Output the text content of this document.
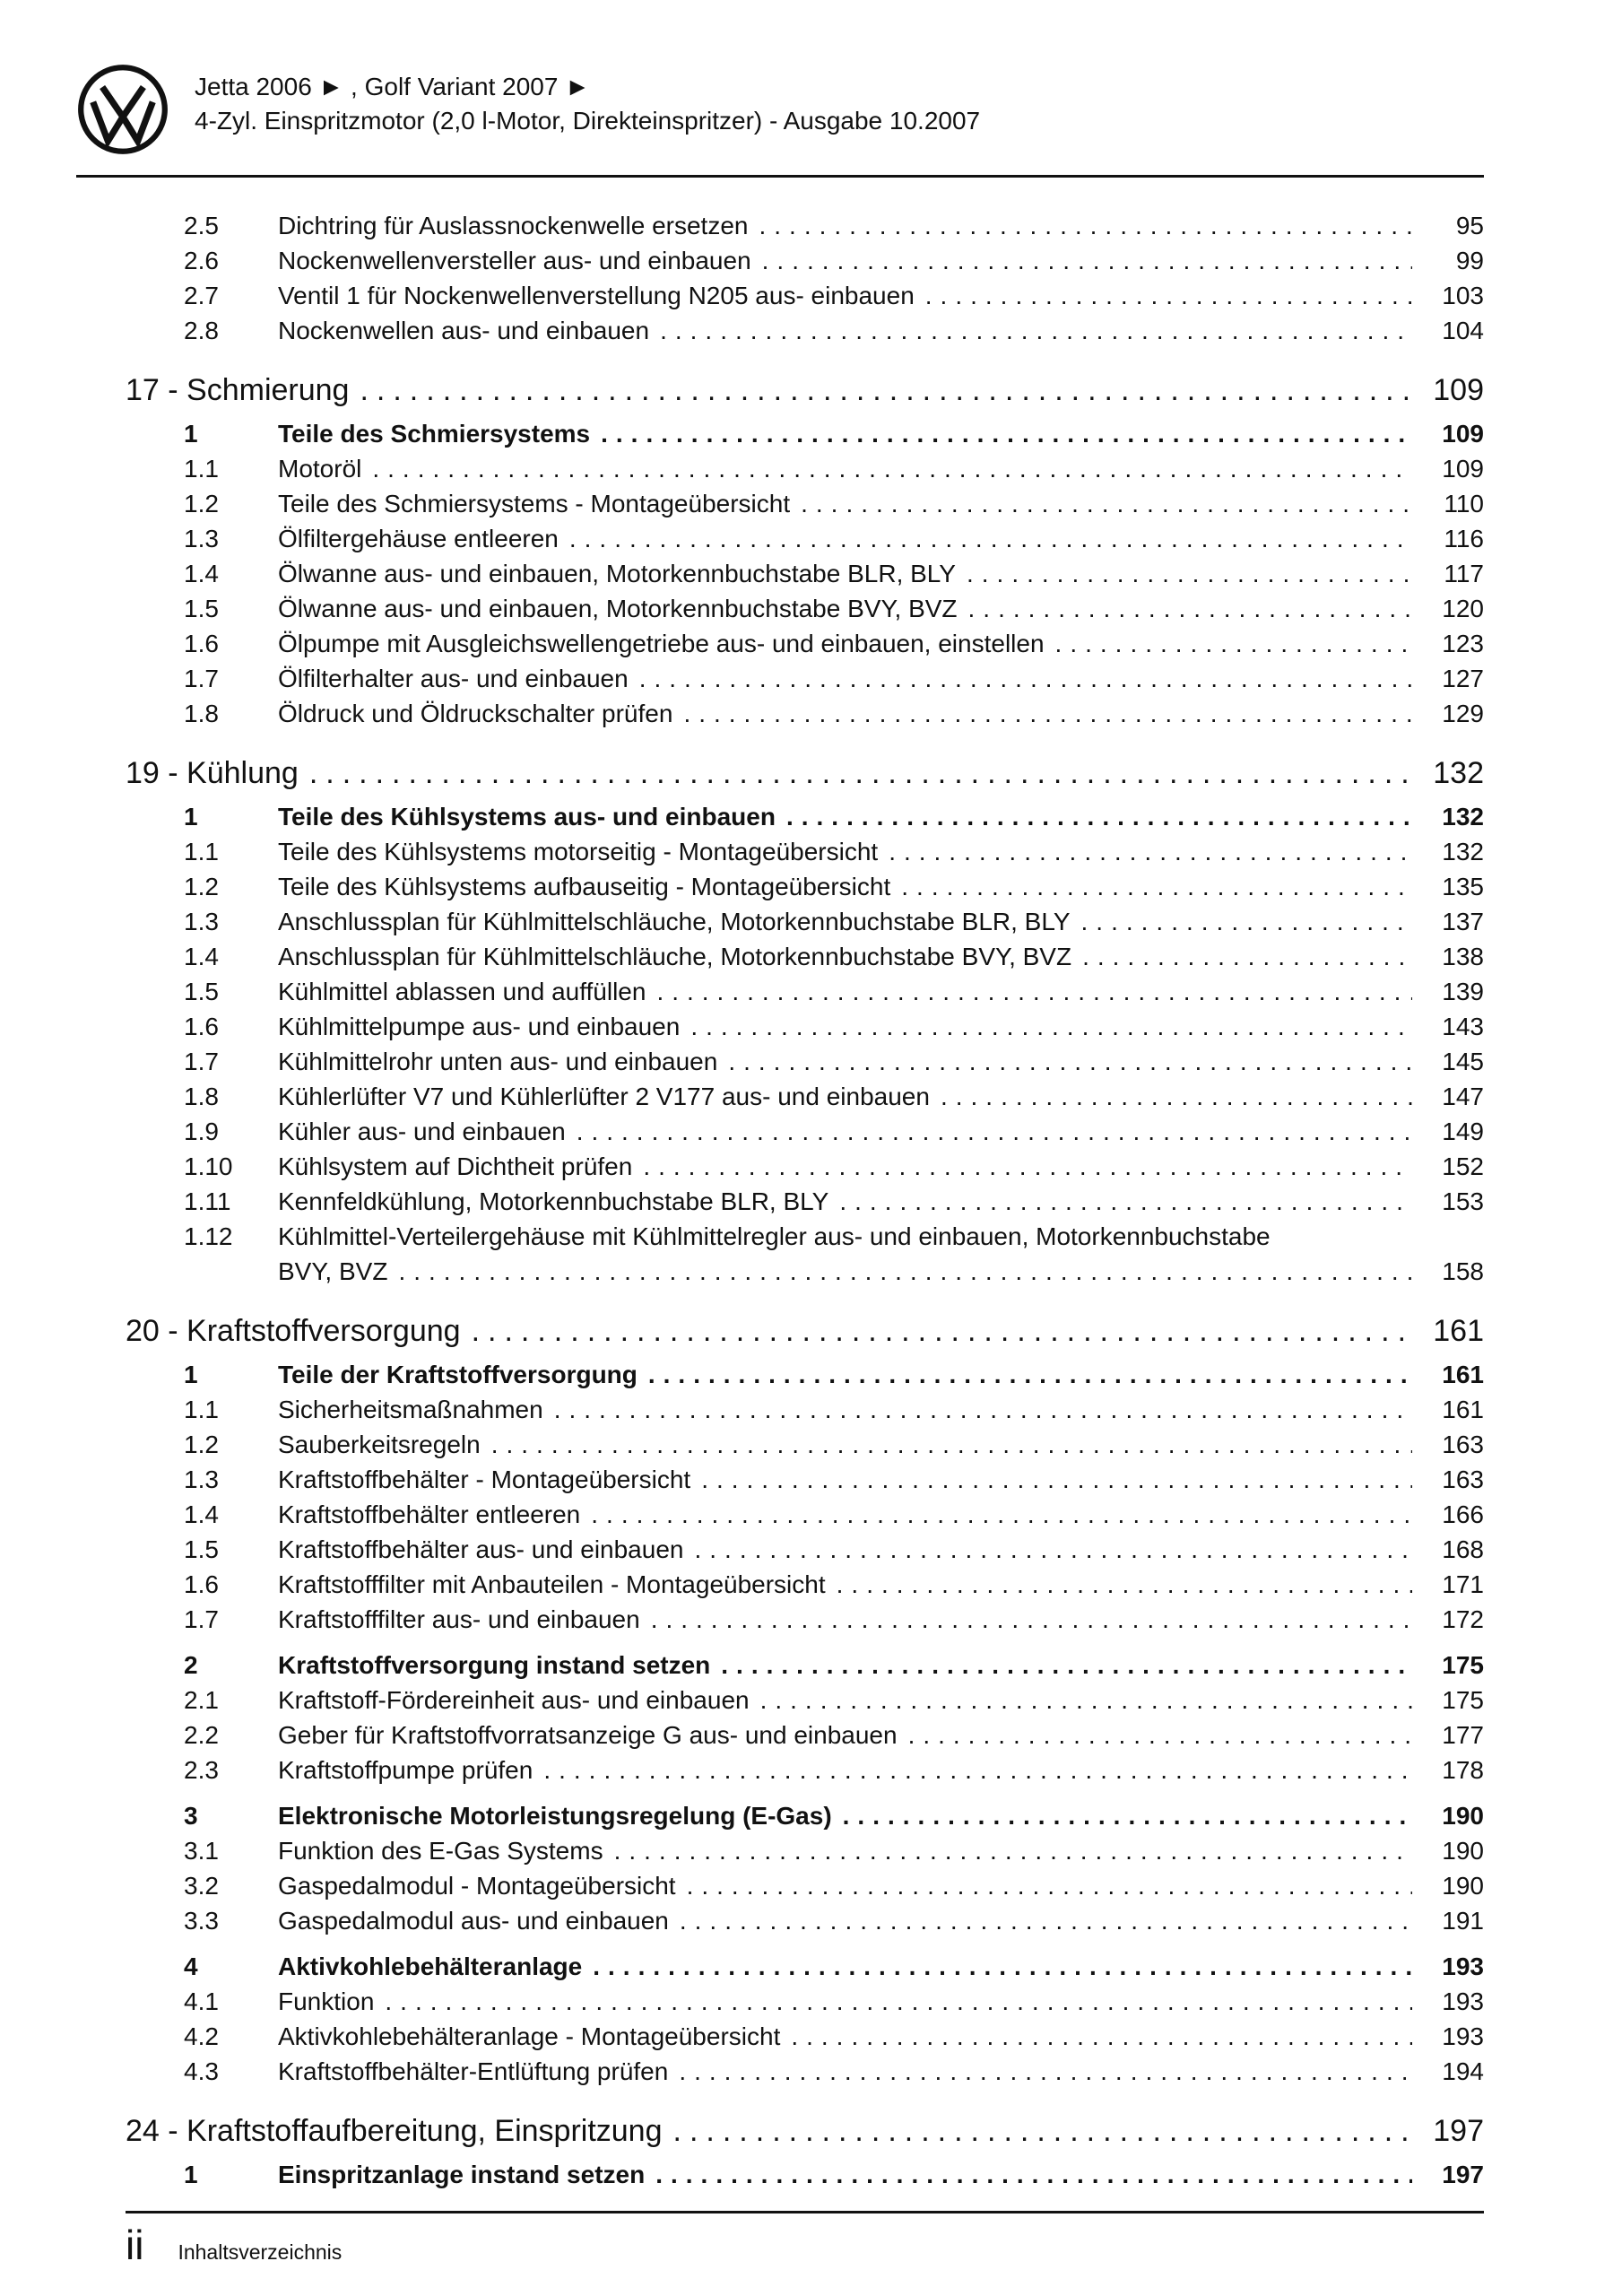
Jetta 2006 ► , Golf Variant 2007 ►
4-Zyl. Einspritzmotor (2,0 l-Motor, Direkteinspritzer) - Ausgabe 10.2007
2.5	Dichtring für Auslassnockenwelle ersetzen .....	95
2.6	Nockenwellenversteller aus- und einbauen .....	99
2.7	Ventil 1 für Nockenwellenverstellung N205 aus- einbauen .....	103
2.8	Nockenwellen aus- und einbauen .....	104
17 - Schmierung .....	109
1	Teile des Schmiersystems .....	109
1.1	Motoröl .....	109
1.2	Teile des Schmiersystems - Montageübersicht .....	110
1.3	Ölfiltergehäuse entleeren .....	116
1.4	Ölwanne aus- und einbauen, Motorkennbuchstabe BLR, BLY .....	117
1.5	Ölwanne aus- und einbauen, Motorkennbuchstabe BVY, BVZ .....	120
1.6	Ölpumpe mit Ausgleichswellengetriebe aus- und einbauen, einstellen .....	123
1.7	Ölfilterhalter aus- und einbauen .....	127
1.8	Öldruck und Öldruckschalter prüfen .....	129
19 - Kühlung .....	132
1	Teile des Kühlsystems aus- und einbauen .....	132
1.1	Teile des Kühlsystems motorseitig - Montageübersicht .....	132
1.2	Teile des Kühlsystems aufbauseitig - Montageübersicht .....	135
1.3	Anschlussplan für Kühlmittelschläuche, Motorkennbuchstabe BLR, BLY .....	137
1.4	Anschlussplan für Kühlmittelschläuche, Motorkennbuchstabe BVY, BVZ .....	138
1.5	Kühlmittel ablassen und auffüllen .....	139
1.6	Kühlmittelpumpe aus- und einbauen .....	143
1.7	Kühlmittelrohr unten aus- und einbauen .....	145
1.8	Kühlerlüfter V7 und Kühlerlüfter 2 V177 aus- und einbauen .....	147
1.9	Kühler aus- und einbauen .....	149
1.10	Kühlsystem auf Dichtheit prüfen .....	152
1.11	Kennfeldkühlung, Motorkennbuchstabe BLR, BLY .....	153
1.12	Kühlmittel-Verteilergehäuse mit Kühlmittelregler aus- und einbauen, Motorkennbuchstabe
BVY, BVZ .....	158
20 - Kraftstoffversorgung .....	161
1	Teile der Kraftstoffversorgung .....	161
1.1	Sicherheitsmaßnahmen .....	161
1.2	Sauberkeitsregeln .....	163
1.3	Kraftstoffbehälter - Montageübersicht .....	163
1.4	Kraftstoffbehälter entleeren .....	166
1.5	Kraftstoffbehälter aus- und einbauen .....	168
1.6	Kraftstofffilter mit Anbauteilen - Montageübersicht .....	171
1.7	Kraftstofffilter aus- und einbauen .....	172
2	Kraftstoffversorgung instand setzen .....	175
2.1	Kraftstoff-Fördereinheit aus- und einbauen .....	175
2.2	Geber für Kraftstoffvorratsanzeige G aus- und einbauen .....	177
2.3	Kraftstoffpumpe prüfen .....	178
3	Elektronische Motorleistungsregelung (E-Gas) .....	190
3.1	Funktion des E-Gas Systems .....	190
3.2	Gaspedalmodul - Montageübersicht .....	190
3.3	Gaspedalmodul aus- und einbauen .....	191
4	Aktivkohlebehälteranlage .....	193
4.1	Funktion .....	193
4.2	Aktivkohlebehälteranlage - Montageübersicht .....	193
4.3	Kraftstoffbehälter-Entlüftung prüfen .....	194
24 - Kraftstoffaufbereitung, Einspritzung .....	197
1	Einspritzanlage instand setzen .....	197
ii Inhaltsverzeichnis
